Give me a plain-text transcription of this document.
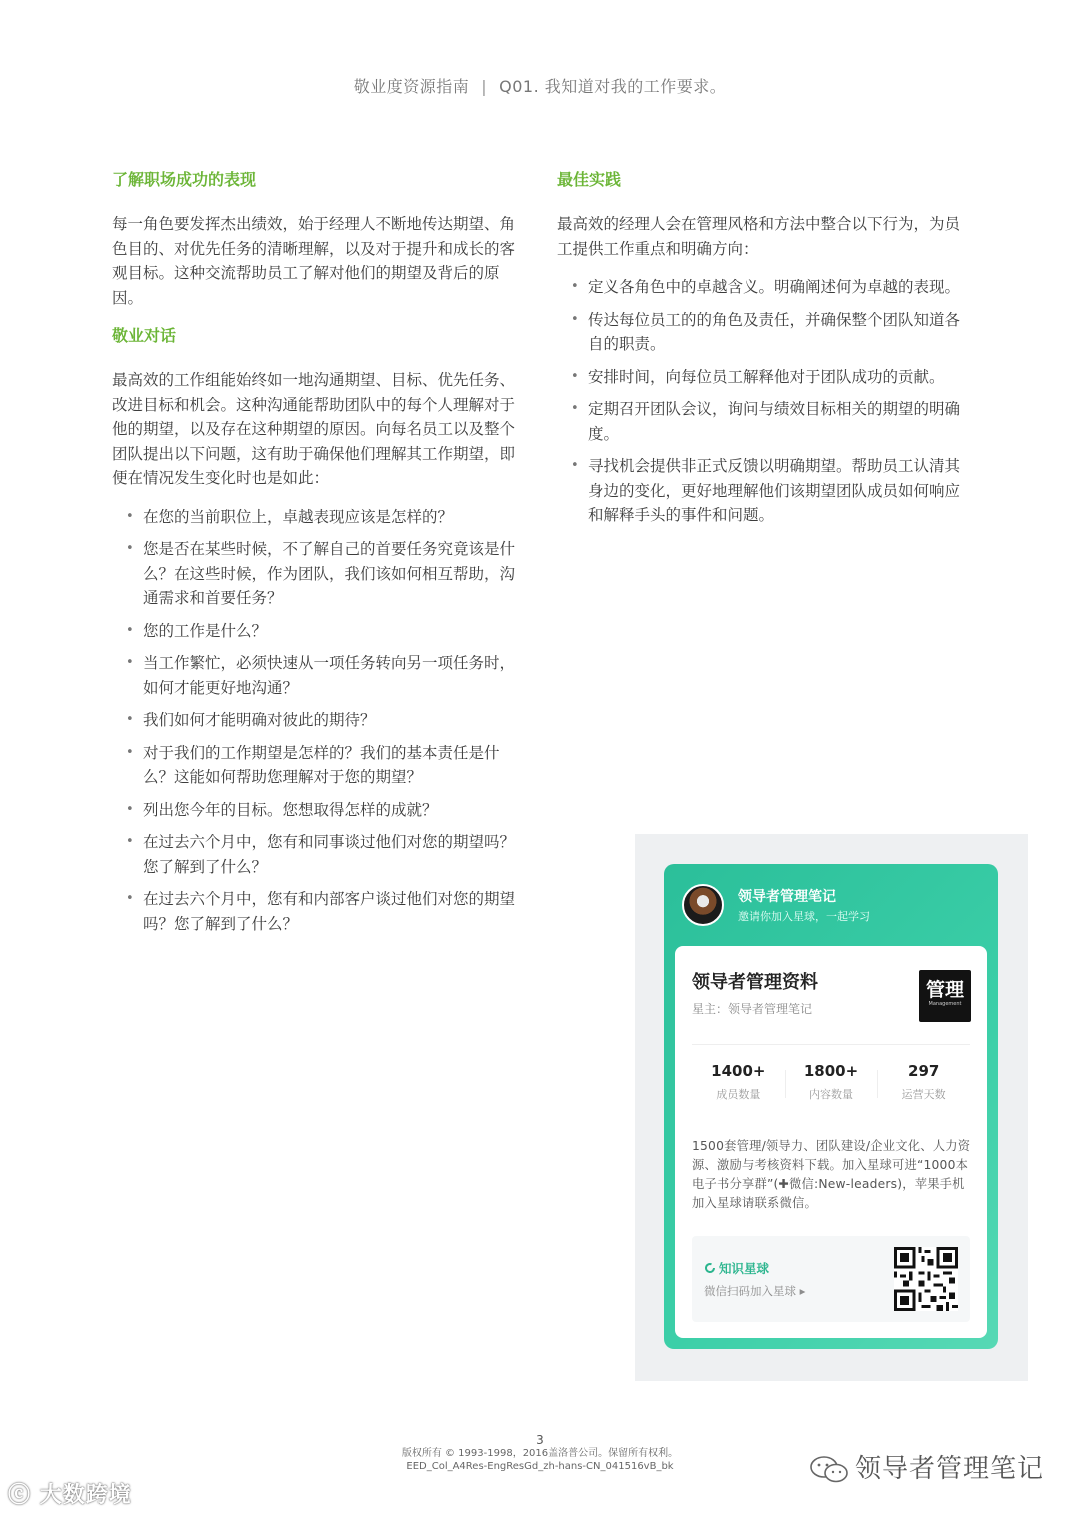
敬业度资源指南 | Q01. 我知道对我的工作要求。
了解职场成功的表现

每一角色要发挥杰出绩效，始于经理人不断地传达期望、角色目的、对优先任务的清晰理解，以及对于提升和成长的客观目标。这种交流帮助员工了解对他们的期望及背后的原因。

敬业对话

最高效的工作组能始终如一地沟通期望、目标、优先任务、改进目标和机会。这种沟通能帮助团队中的每个人理解对于他的期望，以及存在这种期望的原因。向每名员工以及整个团队提出以下问题，这有助于确保他们理解其工作期望，即便在情况发生变化时也是如此：

• 在您的当前职位上，卓越表现应该是怎样的？
• 您是否在某些时候，不了解自己的首要任务究竟该是什么？在这些时候，作为团队，我们该如何相互帮助，沟通需求和首要任务？
• 您的工作是什么？
• 当工作繁忙，必须快速从一项任务转向另一项任务时，如何才能更好地沟通？
• 我们如何才能明确对彼此的期待？
• 对于我们的工作期望是怎样的？我们的基本责任是什么？这能如何帮助您理解对于您的期望？
• 列出您今年的目标。您想取得怎样的成就？
• 在过去六个月中，您有和同事谈过他们对您的期望吗？您了解到了什么？
• 在过去六个月中，您有和内部客户谈过他们对您的期望吗？您了解到了什么？
最佳实践

最高效的经理人会在管理风格和方法中整合以下行为，为员工提供工作重点和明确方向：

• 定义各角色中的卓越含义。明确阐述何为卓越的表现。
• 传达每位员工的的角色及责任，并确保整个团队知道各自的职责。
• 安排时间，向每位员工解释他对于团队成功的贡献。
• 定期召开团队会议，询问与绩效目标相关的期望的明确度。
• 寻找机会提供非正式反馈以明确期望。帮助员工认清其身边的变化，更好地理解他们该期望团队成员如何响应和解释手头的事件和问题。
领导者管理笔记
邀请你加入星球，一起学习
领导者管理资料
星主：领导者管理笔记
管理
Management
1400+
成员数量
1800+
内容数量
297
运营天数
1500套管理/领导力、团队建设/企业文化、人力资源、激励与考核资料下载。加入星球可进“1000本电子书分享群”(✚微信:New-leaders)，苹果手机加入星球请联系微信。
知识星球
微信扫码加入星球 ▸
3
版权所有 © 1993-1998，2016盖洛普公司。保留所有权利。
EED_Col_A4Res-EngResGd_zh-hans-CN_041516vB_bk	领导者管理笔记
ⓒ 大数跨境
